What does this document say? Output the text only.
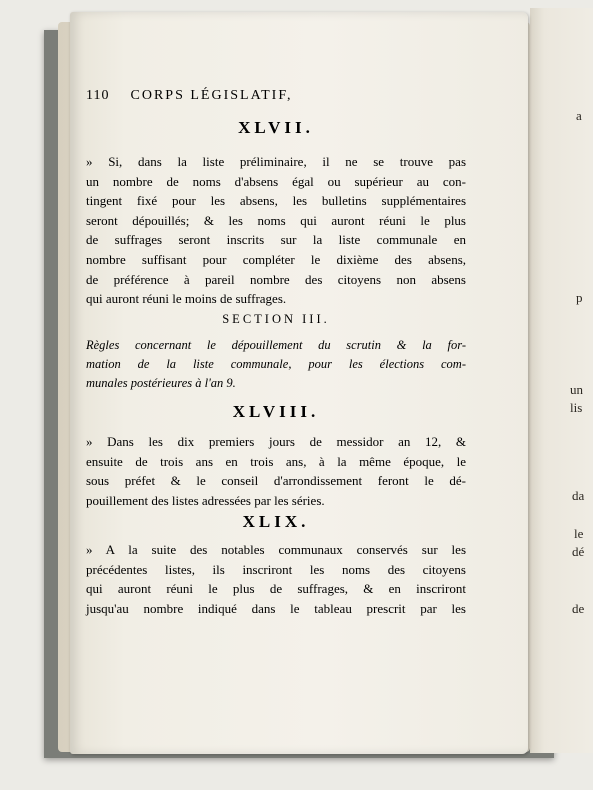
a
p
un
lis
da
le
dé
de
110 CORPS LÉGISLATIF,
XLVII.
» Si, dans la liste préliminaire, il ne se trouve pas
un nombre de noms d'absens égal ou supérieur au con-
tingent fixé pour les absens, les bulletins supplémentaires
seront dépouillés; & les noms qui auront réuni le plus
de suffrages seront inscrits sur la liste communale en
nombre suffisant pour compléter le dixième des absens,
de préférence à pareil nombre des citoyens non absens
qui auront réuni le moins de suffrages.
SECTION III.
Règles concernant le dépouillement du scrutin & la for-
mation de la liste communale, pour les élections com-
munales postérieures à l'an 9.
XLVIII.
» Dans les dix premiers jours de messidor an 12, &
ensuite de trois ans en trois ans, à la même époque, le
sous préfet & le conseil d'arrondissement feront le dé-
pouillement des listes adressées par les séries.
XLIX.
» A la suite des notables communaux conservés sur les
précédentes listes, ils inscriront les noms des citoyens
qui auront réuni le plus de suffrages, & en inscriront
jusqu'au nombre indiqué dans le tableau prescrit par les
